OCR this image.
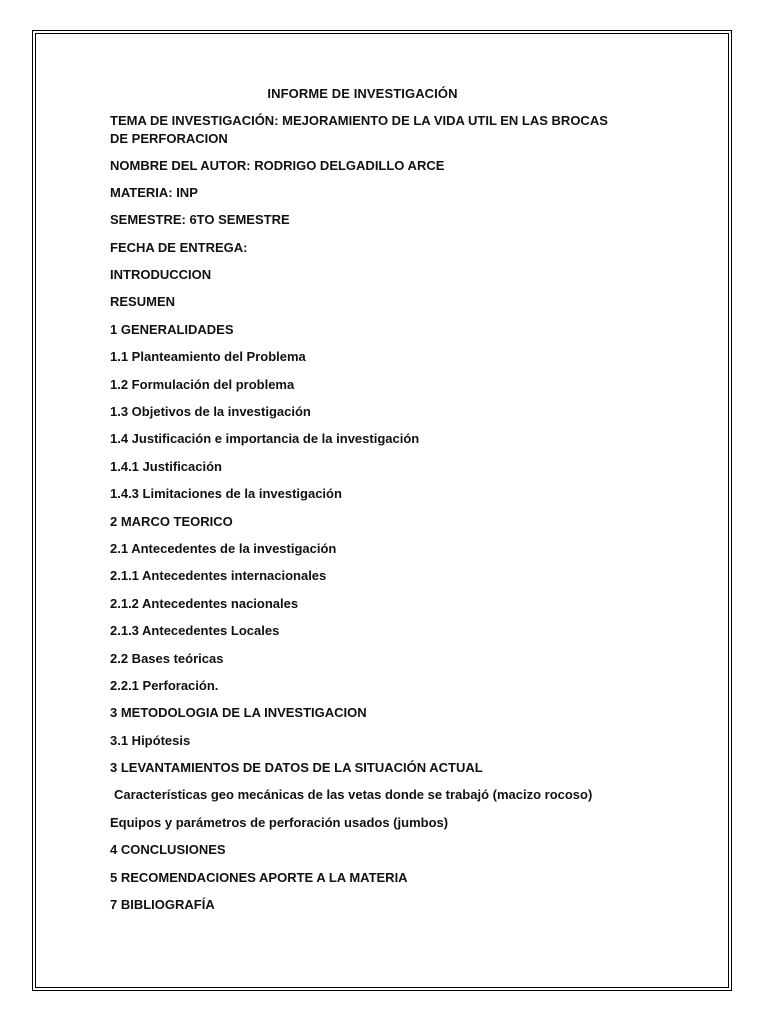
INFORME DE INVESTIGACIÓN
TEMA DE INVESTIGACIÓN: MEJORAMIENTO DE LA VIDA UTIL EN LAS BROCAS DE PERFORACION
NOMBRE DEL AUTOR: RODRIGO DELGADILLO ARCE
MATERIA: INP
SEMESTRE: 6TO SEMESTRE
FECHA DE ENTREGA:
INTRODUCCION
RESUMEN
1 GENERALIDADES
1.1 Planteamiento del Problema
1.2 Formulación del problema
1.3 Objetivos de la investigación
1.4 Justificación e importancia de la investigación
1.4.1 Justificación
1.4.3 Limitaciones de la investigación
2 MARCO TEORICO
2.1 Antecedentes de la investigación
2.1.1 Antecedentes internacionales
2.1.2 Antecedentes nacionales
2.1.3 Antecedentes Locales
2.2 Bases teóricas
2.2.1 Perforación.
3 METODOLOGIA DE LA INVESTIGACION
3.1 Hipótesis
3 LEVANTAMIENTOS DE DATOS DE LA SITUACIÓN ACTUAL
Características geo mecánicas de las vetas donde se trabajó (macizo rocoso)
Equipos y parámetros de perforación usados (jumbos)
4 CONCLUSIONES
5 RECOMENDACIONES APORTE A LA MATERIA
7 BIBLIOGRAFÍA
